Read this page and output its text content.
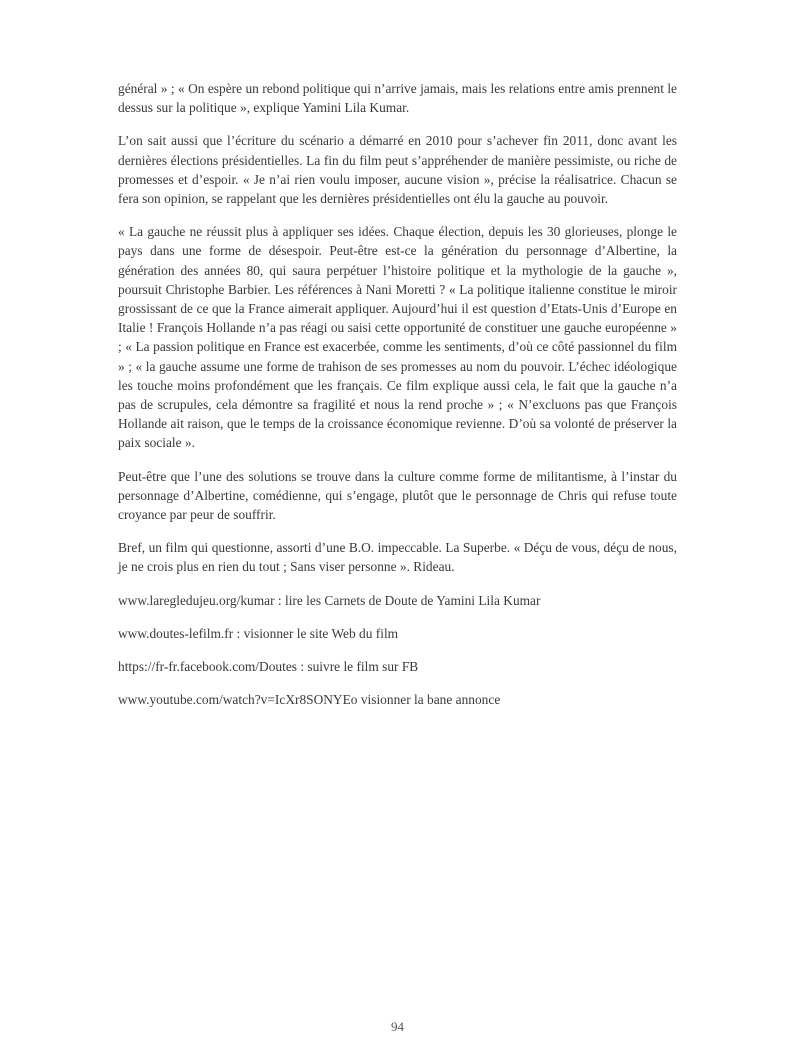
général » ; « On espère un rebond politique qui n’arrive jamais, mais les relations entre amis prennent le dessus sur la politique », explique Yamini Lila Kumar.

L’on sait aussi que l’écriture du scénario a démarré en 2010 pour s’achever fin 2011, donc avant les dernières élections présidentielles. La fin du film peut s’appréhender de manière pessimiste, ou riche de promesses et d’espoir. « Je n’ai rien voulu imposer, aucune vision », précise la réalisatrice. Chacun se fera son opinion, se rappelant que les dernières présidentielles ont élu la gauche au pouvoir.

« La gauche ne réussit plus à appliquer ses idées. Chaque élection, depuis les 30 glorieuses, plonge le pays dans une forme de désespoir. Peut-être est-ce la génération du personnage d’Albertine, la génération des années 80, qui saura perpétuer l’histoire politique et la mythologie de la gauche », poursuit Christophe Barbier. Les références à Nani Moretti ? « La politique italienne constitue le miroir grossissant de ce que la France aimerait appliquer. Aujourd’hui il est question d’Etats-Unis d’Europe en Italie ! François Hollande n’a pas réagi ou saisi cette opportunité de constituer une gauche européenne » ; « La passion politique en France est exacerbée, comme les sentiments, d’où ce côté passionnel du film » ; « la gauche assume une forme de trahison de ses promesses au nom du pouvoir. L’échec idéologique les touche moins profondément que les français. Ce film explique aussi cela, le fait que la gauche n’a pas de scrupules, cela démontre sa fragilité et nous la rend proche » ; « N’excluons pas que François Hollande ait raison, que le temps de la croissance économique revienne. D’où sa volonté de préserver la paix sociale ».

Peut-être que l’une des solutions se trouve dans la culture comme forme de militantisme, à l’instar du personnage d’Albertine, comédienne, qui s’engage, plutôt que le personnage de Chris qui refuse toute croyance par peur de souffrir.

Bref, un film qui questionne, assorti d’une B.O. impeccable. La Superbe. « Déçu de vous, déçu de nous, je ne crois plus en rien du tout ; Sans viser personne ». Rideau.

www.laregledujeu.org/kumar : lire les Carnets de Doute de Yamini Lila Kumar

www.doutes-lefilm.fr : visionner le site Web du film

https://fr-fr.facebook.com/Doutes : suivre le film sur FB

www.youtube.com/watch?v=IcXr8SONYEo visionner la bane annonce

94
